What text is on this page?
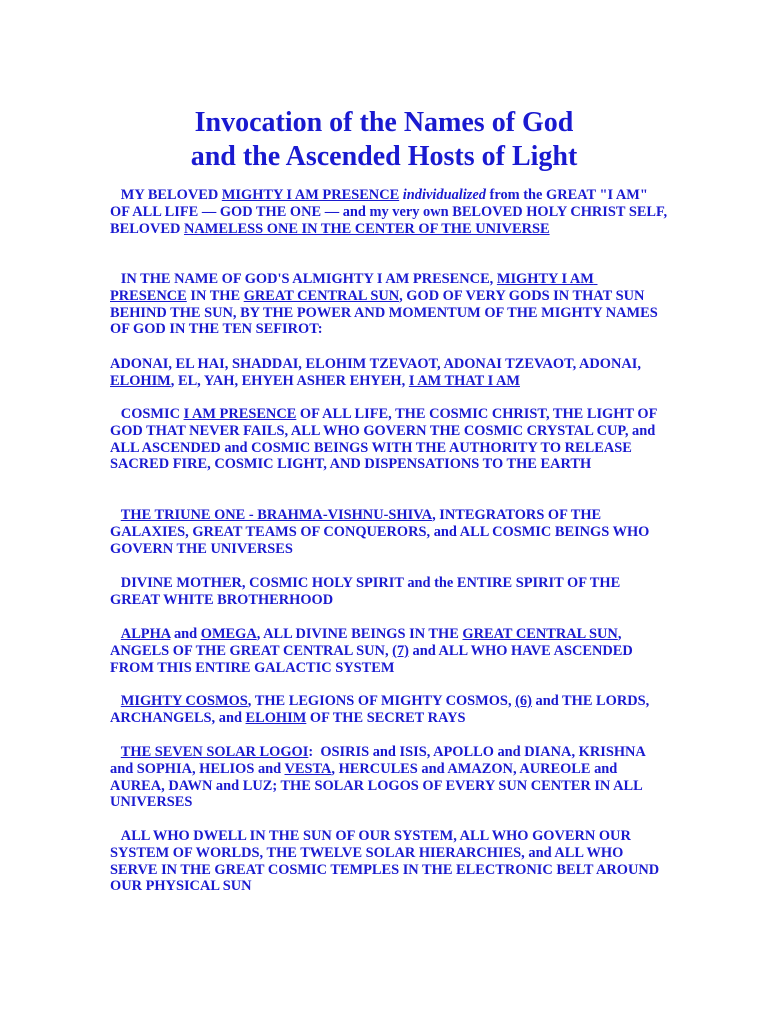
Invocation of the Names of God
and the Ascended Hosts of Light

MY BELOVED MIGHTY I AM PRESENCE individualized from the GREAT "I AM" OF ALL LIFE — GOD THE ONE — and my very own BELOVED HOLY CHRIST SELF, BELOVED NAMELESS ONE IN THE CENTER OF THE UNIVERSE

IN THE NAME OF GOD'S ALMIGHTY I AM PRESENCE, MIGHTY I AM PRESENCE IN THE GREAT CENTRAL SUN, GOD OF VERY GODS IN THAT SUN BEHIND THE SUN, BY THE POWER AND MOMENTUM OF THE MIGHTY NAMES OF GOD IN THE TEN SEFIROT:

ADONAI, EL HAI, SHADDAI, ELOHIM TZEVAOT, ADONAI TZEVAOT, ADONAI, ELOHIM, EL, YAH, EHYEH ASHER EHYEH, I AM THAT I AM

COSMIC I AM PRESENCE OF ALL LIFE, THE COSMIC CHRIST, THE LIGHT OF GOD THAT NEVER FAILS, ALL WHO GOVERN THE COSMIC CRYSTAL CUP, and ALL ASCENDED and COSMIC BEINGS WITH THE AUTHORITY TO RELEASE SACRED FIRE, COSMIC LIGHT, AND DISPENSATIONS TO THE EARTH

THE TRIUNE ONE - BRAHMA-VISHNU-SHIVA, INTEGRATORS OF THE GALAXIES, GREAT TEAMS OF CONQUERORS, and ALL COSMIC BEINGS WHO GOVERN THE UNIVERSES

DIVINE MOTHER, COSMIC HOLY SPIRIT and the ENTIRE SPIRIT OF THE GREAT WHITE BROTHERHOOD

ALPHA and OMEGA, ALL DIVINE BEINGS IN THE GREAT CENTRAL SUN, ANGELS OF THE GREAT CENTRAL SUN, (7) and ALL WHO HAVE ASCENDED FROM THIS ENTIRE GALACTIC SYSTEM

MIGHTY COSMOS, THE LEGIONS OF MIGHTY COSMOS, (6) and THE LORDS, ARCHANGELS, and ELOHIM OF THE SECRET RAYS

THE SEVEN SOLAR LOGOI:  OSIRIS and ISIS, APOLLO and DIANA, KRISHNA and SOPHIA, HELIOS and VESTA, HERCULES and AMAZON, AUREOLE and AUREA, DAWN and LUZ; THE SOLAR LOGOS OF EVERY SUN CENTER IN ALL UNIVERSES

ALL WHO DWELL IN THE SUN OF OUR SYSTEM, ALL WHO GOVERN OUR SYSTEM OF WORLDS, THE TWELVE SOLAR HIERARCHIES, and ALL WHO SERVE IN THE GREAT COSMIC TEMPLES IN THE ELECTRONIC BELT AROUND OUR PHYSICAL SUN
